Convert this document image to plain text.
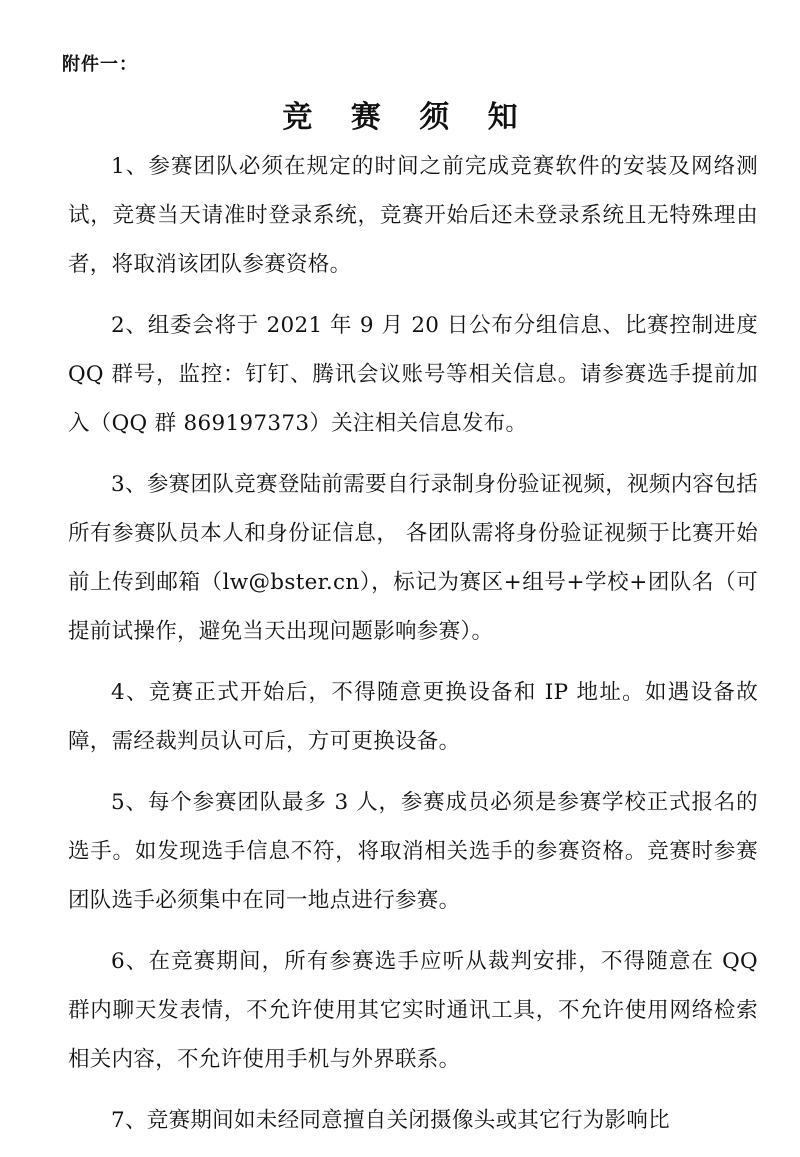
附件一：
竞 赛 须 知

1、参赛团队必须在规定的时间之前完成竞赛软件的安装及网络测试，竞赛当天请准时登录系统，竞赛开始后还未登录系统且无特殊理由者，将取消该团队参赛资格。

2、组委会将于 2021 年 9 月 20 日公布分组信息、比赛控制进度 QQ 群号，监控：钉钉、腾讯会议账号等相关信息。请参赛选手提前加入（QQ 群 869197373）关注相关信息发布。

3、参赛团队竞赛登陆前需要自行录制身份验证视频，视频内容包括所有参赛队员本人和身份证信息， 各团队需将身份验证视频于比赛开始前上传到邮箱（lw@bster.cn），标记为赛区+组号+学校+团队名（可提前试操作，避免当天出现问题影响参赛）。

4、竞赛正式开始后，不得随意更换设备和 IP 地址。如遇设备故障，需经裁判员认可后，方可更换设备。

5、每个参赛团队最多 3 人，参赛成员必须是参赛学校正式报名的选手。如发现选手信息不符，将取消相关选手的参赛资格。竞赛时参赛团队选手必须集中在同一地点进行参赛。

6、在竞赛期间，所有参赛选手应听从裁判安排，不得随意在 QQ 群内聊天发表情，不允许使用其它实时通讯工具，不允许使用网络检索相关内容，不允许使用手机与外界联系。

7、竞赛期间如未经同意擅自关闭摄像头或其它行为影响比
